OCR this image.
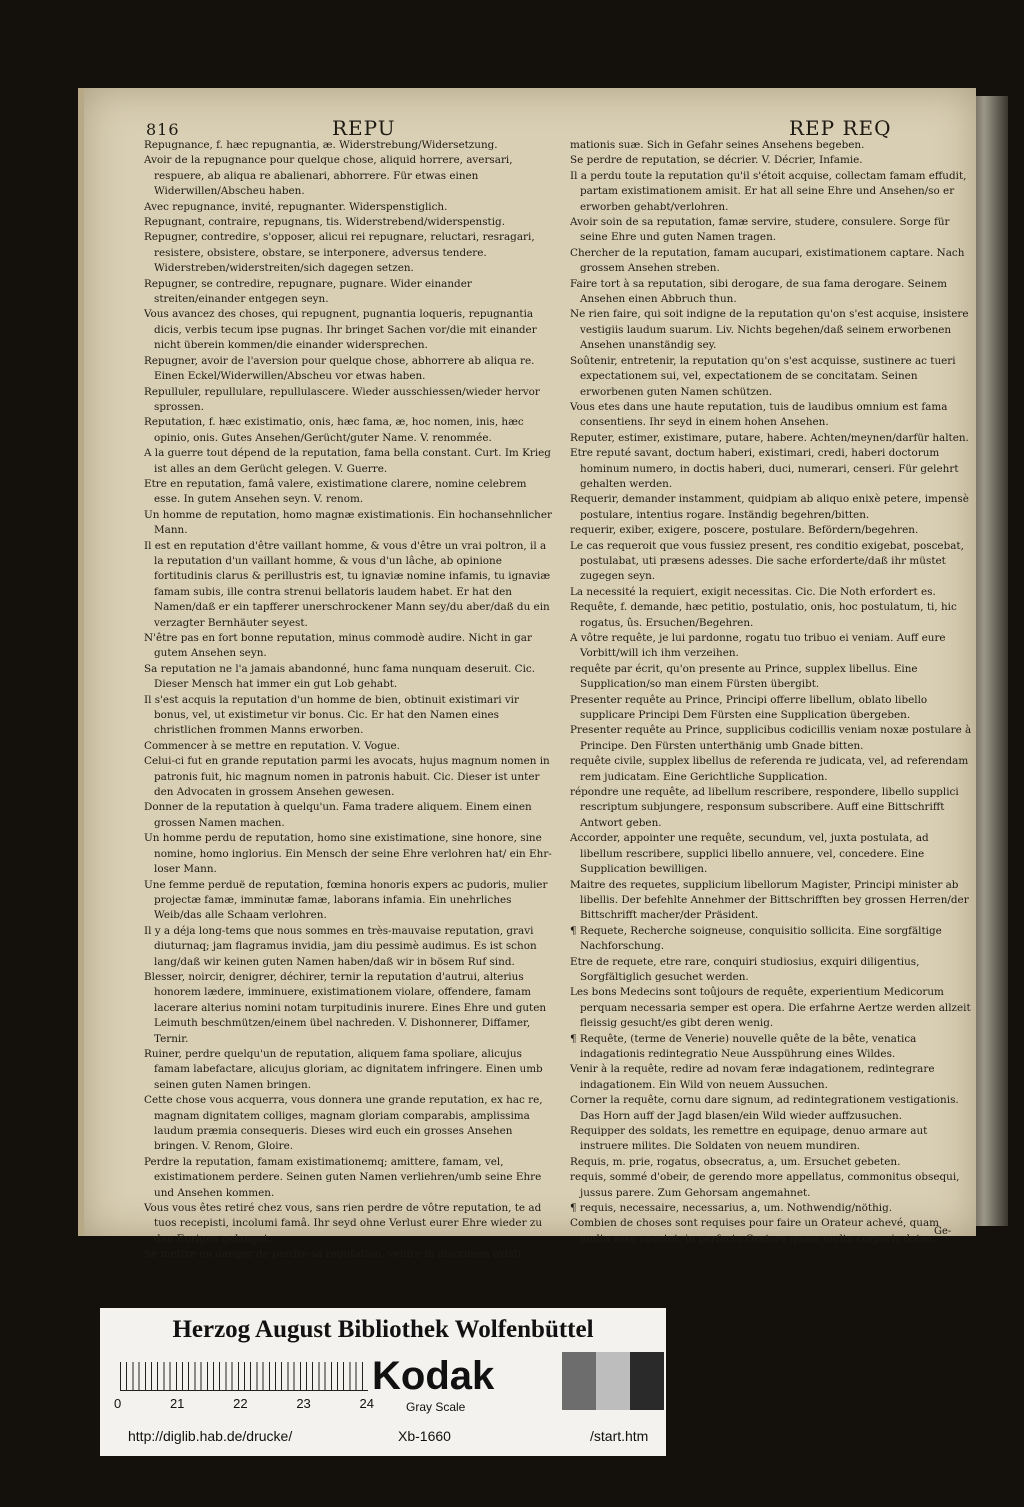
816	REPU	REP REQ

Repugnance, f. hæc repugnantia, æ. Widerstrebung/Widersetzung.

Avoir de la repugnance pour quelque chose, aliquid horrere, aversari, respuere, ab aliqua re abalienari, abhorrere. Für etwas einen Widerwillen/Abscheu haben.

Avec repugnance, invité, repugnanter. Widerspenstiglich.

Repugnant, contraire, repugnans, tis. Widerstrebend/widerspenstig.

Repugner, contredire, s'opposer, alicui rei repugnare, reluctari, resragari, resistere, obsistere, obstare, se interponere, adversus tendere. Widerstreben/widerstreiten/sich dagegen setzen.

Repugner, se contredire, repugnare, pugnare. Wider einander streiten/einander entgegen seyn.

Vous avancez des choses, qui repugnent, pugnantia loqueris, repugnantia dicis, verbis tecum ipse pugnas. Ihr bringet Sachen vor/die mit einander nicht überein kommen/die einander widersprechen.

Repugner, avoir de l'aversion pour quelque chose, abhorrere ab aliqua re. Einen Eckel/Widerwillen/Abscheu vor etwas haben.

Repulluler, repullulare, repullulascere. Wieder ausschiessen/wieder hervor sprossen.

Reputation, f. hæc existimatio, onis, hæc fama, æ, hoc nomen, inis, hæc opinio, onis. Gutes Ansehen/Gerücht/guter Name. V. renommée.

A la guerre tout dépend de la reputation, fama bella constant. Curt. Im Krieg ist alles an dem Gerücht gelegen. V. Guerre.

Etre en reputation, famâ valere, existimatione clarere, nomine celebrem esse. In gutem Ansehen seyn. V. renom.

Un homme de reputation, homo magnæ existimationis. Ein hochansehnlicher Mann.

Il est en reputation d'être vaillant homme, & vous d'être un vrai poltron, il a la reputation d'un vaillant homme, & vous d'un lâche, ab opinione fortitudinis clarus & perillustris est, tu ignaviæ nomine infamis, tu ignaviæ famam subis, ille contra strenui bellatoris laudem habet. Er hat den Namen/daß er ein tapfferer unerschrockener Mann sey/du aber/daß du ein verzagter Bernhäuter seyest.

N'être pas en fort bonne reputation, minus commodè audire. Nicht in gar gutem Ansehen seyn.

Sa reputation ne l'a jamais abandonné, hunc fama nunquam deseruit. Cic. Dieser Mensch hat immer ein gut Lob gehabt.

Il s'est acquis la reputation d'un homme de bien, obtinuit existimari vir bonus, vel, ut existimetur vir bonus. Cic. Er hat den Namen eines christlichen frommen Manns erworben.

Commencer à se mettre en reputation. V. Vogue.

Celui-ci fut en grande reputation parmi les avocats, hujus magnum nomen in patronis fuit, hic magnum nomen in patronis habuit. Cic. Dieser ist unter den Advocaten in grossem Ansehen gewesen.

Donner de la reputation à quelqu'un. Fama tradere aliquem. Einem einen grossen Namen machen.

Un homme perdu de reputation, homo sine existimatione, sine honore, sine nomine, homo inglorius. Ein Mensch der seine Ehre verlohren hat/ ein Ehr-loser Mann.

Une femme perduë de reputation, fœmina honoris expers ac pudoris, mulier projectæ famæ, imminutæ famæ, laborans infamia. Ein unehrliches Weib/das alle Schaam verlohren.

Il y a déja long-tems que nous sommes en très-mauvaise reputation, gravi diuturnaq; jam flagramus invidia, jam diu pessimè audimus. Es ist schon lang/daß wir keinen guten Namen haben/daß wir in bösem Ruf sind.

Blesser, noircir, denigrer, déchirer, ternir la reputation d'autrui, alterius honorem lædere, imminuere, existimationem violare, offendere, famam lacerare alterius nomini notam turpitudinis inurere. Eines Ehre und guten Leimuth beschmützen/einem übel nachreden. V. Dishonnerer, Diffamer, Ternir.

Ruiner, perdre quelqu'un de reputation, aliquem fama spoliare, alicujus famam labefactare, alicujus gloriam, ac dignitatem infringere. Einen umb seinen guten Namen bringen.

Cette chose vous acquerra, vous donnera une grande reputation, ex hac re, magnam dignitatem colliges, magnam gloriam comparabis, amplissima laudum præmia consequeris. Dieses wird euch ein grosses Ansehen bringen. V. Renom, Gloire.

Perdre la reputation, famam existimationemq; amittere, famam, vel, existimationem perdere. Seinen guten Namen verliehren/umb seine Ehre und Ansehen kommen.

Vous vous êtes retiré chez vous, sans rien perdre de vôtre reputation, te ad tuos recepisti, incolumi famâ. Ihr seyd ohne Verlust eurer Ehre wieder zu den Eurigen gelanget.

Se mettre en danger de perdre sa reputation, venire in discrimen existi-

mationis suæ. Sich in Gefahr seines Ansehens begeben.

Se perdre de reputation, se décrier. V. Décrier, Infamie.

Il a perdu toute la reputation qu'il s'étoit acquise, collectam famam effudit, partam existimationem amisit. Er hat all seine Ehre und Ansehen/so er erworben gehabt/verlohren.

Avoir soin de sa reputation, famæ servire, studere, consulere. Sorge für seine Ehre und guten Namen tragen.

Chercher de la reputation, famam aucupari, existimationem captare. Nach grossem Ansehen streben.

Faire tort à sa reputation, sibi derogare, de sua fama derogare. Seinem Ansehen einen Abbruch thun.

Ne rien faire, qui soit indigne de la reputation qu'on s'est acquise, insistere vestigiis laudum suarum. Liv. Nichts begehen/daß seinem erworbenen Ansehen unanständig sey.

Soûtenir, entretenir, la reputation qu'on s'est acquisse, sustinere ac tueri expectationem sui, vel, expectationem de se concitatam. Seinen erworbenen guten Namen schützen.

Vous etes dans une haute reputation, tuis de laudibus omnium est fama consentiens. Ihr seyd in einem hohen Ansehen.

Reputer, estimer, existimare, putare, habere. Achten/meynen/darfür halten.

Etre reputé savant, doctum haberi, existimari, credi, haberi doctorum hominum numero, in doctis haberi, duci, numerari, censeri. Für gelehrt gehalten werden.

Requerir, demander instamment, quidpiam ab aliquo enixè petere, impensè postulare, intentius rogare. Inständig begehren/bitten.

requerir, exiber, exigere, poscere, postulare. Befördern/begehren.

Le cas requeroit que vous fussiez present, res conditio exigebat, poscebat, postulabat, uti præsens adesses. Die sache erforderte/daß ihr müstet zugegen seyn.

La necessité la requiert, exigit necessitas. Cic. Die Noth erfordert es.

Requête, f. demande, hæc petitio, postulatio, onis, hoc postulatum, ti, hic rogatus, ûs. Ersuchen/Begehren.

A vôtre requête, je lui pardonne, rogatu tuo tribuo ei veniam. Auff eure Vorbitt/will ich ihm verzeihen.

requête par écrit, qu'on presente au Prince, supplex libellus. Eine Supplication/so man einem Fürsten übergibt.

Presenter requête au Prince, Principi offerre libellum, oblato libello supplicare Principi Dem Fürsten eine Supplication übergeben.

Presenter requête au Prince, supplicibus codicillis veniam noxæ postulare à Principe. Den Fürsten unterthänig umb Gnade bitten.

requête civile, supplex libellus de referenda re judicata, vel, ad referendam rem judicatam. Eine Gerichtliche Supplication.

répondre une requête, ad libellum rescribere, respondere, libello supplici rescriptum subjungere, responsum subscribere. Auff eine Bittschrifft Antwort geben.

Accorder, appointer une requête, secundum, vel, juxta postulata, ad libellum rescribere, supplici libello annuere, vel, concedere. Eine Supplication bewilligen.

Maitre des requetes, supplicium libellorum Magister, Principi minister ab libellis. Der befehlte Annehmer der Bittschrifften bey grossen Herren/der Bittschrifft macher/der Präsident.

¶ Requete, Recherche soigneuse, conquisitio sollicita. Eine sorgfältige Nachforschung.

Etre de requete, etre rare, conquiri studiosius, exquiri diligentius, Sorgfältiglich gesuchet werden.

Les bons Medecins sont toûjours de requête, experientium Medicorum perquam necessaria semper est opera. Die erfahrne Aertze werden allzeit fleissig gesucht/es gibt deren wenig.

¶ Requête, (terme de Venerie) nouvelle quête de la bête, venatica indagationis redintegratio Neue Ausspührung eines Wildes.

Venir à la requête, redire ad novam feræ indagationem, redintegrare indagationem. Ein Wild von neuem Aussuchen.

Corner la requête, cornu dare signum, ad redintegrationem vestigationis. Das Horn auff der Jagd blasen/ein Wild wieder auffzusuchen.

Requipper des soldats, les remettre en equipage, denuo armare aut instruere milites. Die Soldaten von neuem mundiren.

Requis, m. prie, rogatus, obsecratus, a, um. Ersuchet gebeten.

requis, sommé d'obeir, de gerendo more appellatus, commonitus obsequi, jussus parere. Zum Gehorsam angemahnet.

¶ requis, necessaire, necessarius, a, um. Nothwendig/nöthig.

Combien de choses sont requises pour faire un Orateur achevé, quam multa esse oportet, in perfecto Oratore quam multa corporis dotes.

Ge-
Herzog August Bibliothek Wolfenbüttel
0	21	22	23	24
Kodak
Gray Scale
http://diglib.hab.de/drucke/	Xb-1660	/start.htm
